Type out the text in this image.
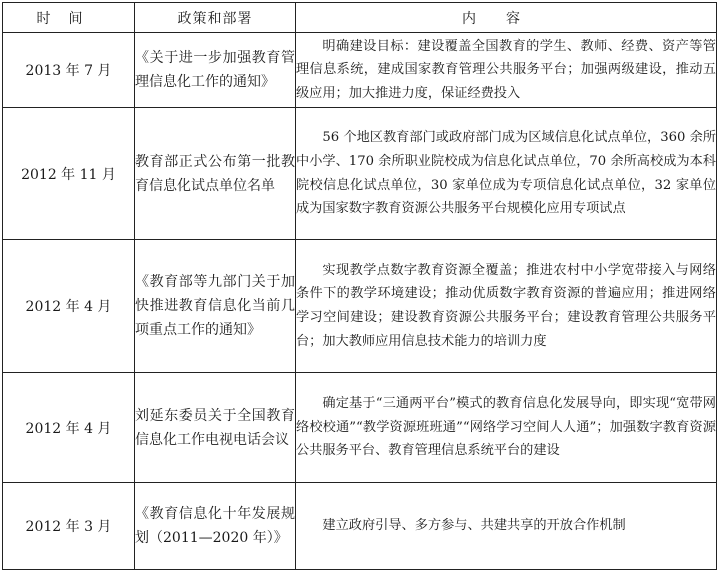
时间	政策和部署	内容
2013 年 7 月	《关于进一步加强教育管理信息化工作的通知》	明确建设目标：建设覆盖全国教育的学生、教师、经费、资产等管理信息系统，建成国家教育管理公共服务平台；加强两级建设，推动五级应用；加大推进力度，保证经费投入

2012 年 11 月	教育部正式公布第一批教育信息化试点单位名单	56 个地区教育部门或政府部门成为区域信息化试点单位，360 余所中小学、170 余所职业院校成为信息化试点单位，70 余所高校成为本科院校信息化试点单位，30 家单位成为专项信息化试点单位，32 家单位成为国家数字教育资源公共服务平台规模化应用专项试点

2012 年 4 月	《教育部等九部门关于加快推进教育信息化当前几项重点工作的通知》	实现教学点数字教育资源全覆盖；推进农村中小学宽带接入与网络条件下的教学环境建设；推动优质数字教育资源的普遍应用；推进网络学习空间建设；建设教育资源公共服务平台；建设教育管理公共服务平台；加大教师应用信息技术能力的培训力度

2012 年 4 月	刘延东委员关于全国教育信息化工作电视电话会议	确定基于“三通两平台”模式的教育信息化发展导向，即实现“宽带网络校校通”“教学资源班班通”“网络学习空间人人通”；加强数字教育资源公共服务平台、教育管理信息系统平台的建设

2012 年 3 月	《教育信息化十年发展规划（2011—2020 年）》	建立政府引导、多方参与、共建共享的开放合作机制
